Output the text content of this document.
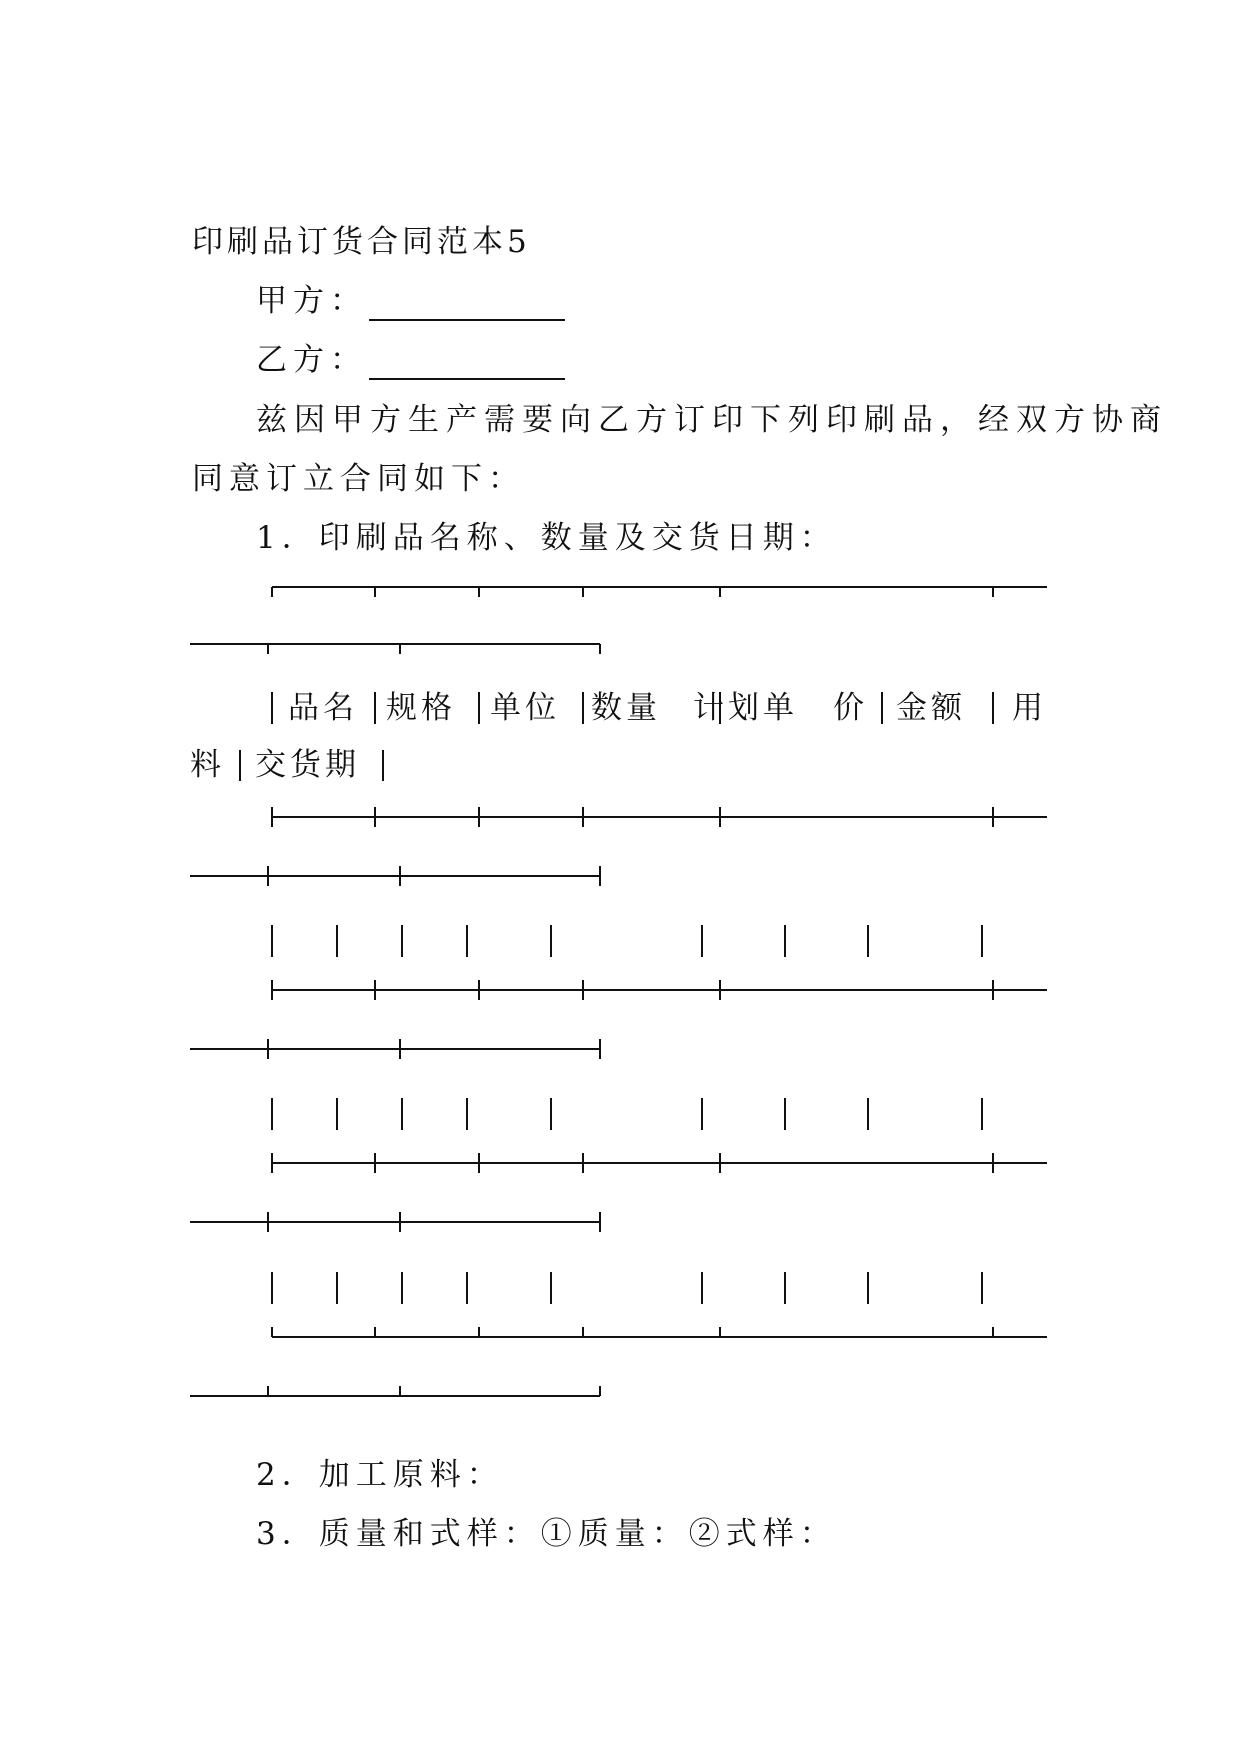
印刷品订货合同范本5
甲方：
乙方：
兹因甲方生产需要向乙方订印下列印刷品，经双方协商
同意订立合同如下：
1．印刷品名称、数量及交货日期：
品名 规格 单位 数量 计划单　价 金额 用
料 交货期
2．加工原料：
3．质量和式样：①质量：②式样：
